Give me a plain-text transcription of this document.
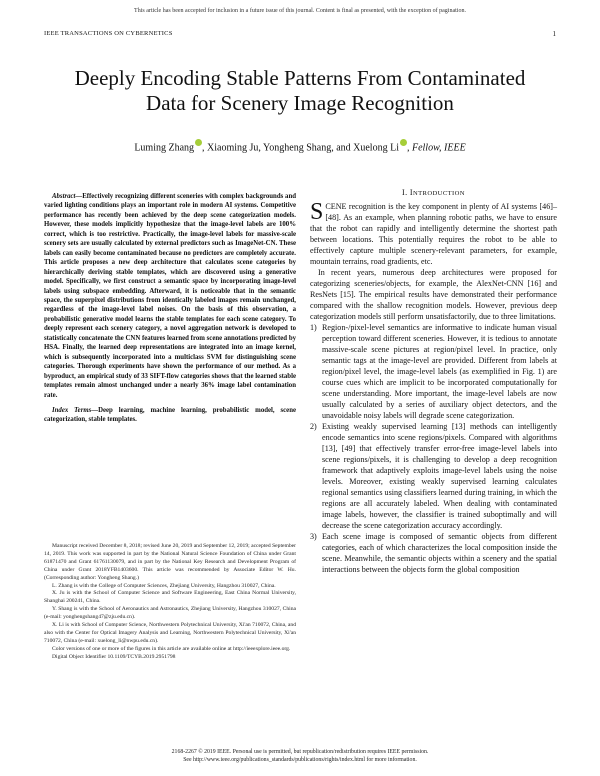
This article has been accepted for inclusion in a future issue of this journal. Content is final as presented, with the exception of pagination.
IEEE TRANSACTIONS ON CYBERNETICS	1
Deeply Encoding Stable Patterns From Contaminated Data for Scenery Image Recognition
Luming Zhang , Xiaoming Ju, Yongheng Shang, and Xuelong Li , Fellow, IEEE

Abstract—Effectively recognizing different sceneries with complex backgrounds and varied lighting conditions plays an important role in modern AI systems. Competitive performance has recently been achieved by the deep scene categorization models. However, these models implicitly hypothesize that the image-level labels are 100% correct, which is too restrictive. Practically, the image-level labels for massive-scale scenery sets are usually calculated by external predictors such as ImageNet-CN. These labels can easily become contaminated because no predictors are completely accurate. This article proposes a new deep architecture that calculates scene categories by hierarchically deriving stable templates, which are discovered using a generative model. Specifically, we first construct a semantic space by incorporating image-level labels using subspace embedding. Afterward, it is noticeable that in the semantic space, the superpixel distributions from identically labeled images remain unchanged, regardless of the image-level label noises. On the basis of this observation, a probabilistic generative model learns the stable templates for each scene category. To deeply represent each scenery category, a novel aggregation network is developed to statistically concatenate the CNN features learned from scene annotations predicted by HSA. Finally, the learned deep representations are integrated into an image kernel, which is subsequently incorporated into a multiclass SVM for distinguishing scene categories. Thorough experiments have shown the performance of our method. As a byproduct, an empirical study of 33 SIFT-flow categories shows that the learned stable templates remain almost unchanged under a nearly 36% image label contamination rate.

Index Terms—Deep learning, machine learning, probabilistic model, scene categorization, stable templates.

Manuscript received December 8, 2018; revised June 20, 2019 and September 12, 2019; accepted September 14, 2019. This work was supported in part by the National Natural Science Foundation of China under Grant 61871470 and Grant 61761130079, and in part by the National Key Research and Development Program of China under Grant 2018YFB1403600. This article was recommended by Associate Editor W. Hu. (Corresponding author: Yongheng Shang.)

L. Zhang is with the College of Computer Sciences, Zhejiang University, Hangzhou 310027, China.

X. Ju is with the School of Computer Science and Software Engineering, East China Normal University, Shanghai 200241, China.

Y. Shang is with the School of Aeronautics and Astronautics, Zhejiang University, Hangzhou 310027, China (e-mail: yonghengshang47@zju.edu.cn).

X. Li is with School of Computer Science, Northwestern Polytechnical University, Xi'an 710072, China, and also with the Center for Optical Imagery Analysis and Learning, Northwestern Polytechnical University, Xi'an 710072, China (e-mail: xuelong_li@nwpu.edu.cn).

Color versions of one or more of the figures in this article are available online at http://ieeexplore.ieee.org.

Digital Object Identifier 10.1109/TCYB.2019.2951798

I. INTRODUCTION

SCENE recognition is the key component in plenty of AI systems [46]–[48]. As an example, when planning robotic paths, we have to ensure that the robot can rapidly and intelligently determine the shortest path between locations. This potentially requires the robot to be able to effectively capture multiple scenery-relevant parameters, for example, mountain terrains, road gradients, etc.

In recent years, numerous deep architectures were proposed for categorizing sceneries/objects, for example, the AlexNet-CNN [16] and ResNets [15]. The empirical results have demonstrated their performance compared with the shallow recognition models. However, previous deep categorization models still perform unsatisfactorily, due to three limitations.

1) Region-/pixel-level semantics are informative to indicate human visual perception toward different sceneries. However, it is tedious to annotate massive-scale scene pictures at region/pixel level. In practice, only semantic tags at the image-level are provided. Different from labels at region/pixel level, the image-level labels (as exemplified in Fig. 1) are course cues which are implicit to be incorporated computationally for scene understanding. More important, the image-level labels are now usually calculated by a series of auxiliary object detectors, and the unavoidable noisy labels will degrade scene categorization.
2) Existing weakly supervised learning [13] methods can intelligently encode semantics into scene regions/pixels. Compared with algorithms [13], [49] that effectively transfer error-free image-level labels into scene regions/pixels, it is challenging to develop a deep recognition framework that adaptively exploits image-level labels using the noise levels. Moreover, existing weakly supervised learning calculates regional semantics using classifiers learned during training, in which the regions are all accurately labeled. When dealing with contaminated image labels, however, the classifier is trained suboptimally and will decrease the scene categorization accuracy accordingly.
3) Each scene image is composed of semantic objects from different categories, each of which characterizes the local composition inside the scene. Meanwhile, the semantic objects within a scenery and the spatial interactions between the objects form the global composition
2168-2267 © 2019 IEEE. Personal use is permitted, but republication/redistribution requires IEEE permission.
See http://www.ieee.org/publications_standards/publications/rights/index.html for more information.
